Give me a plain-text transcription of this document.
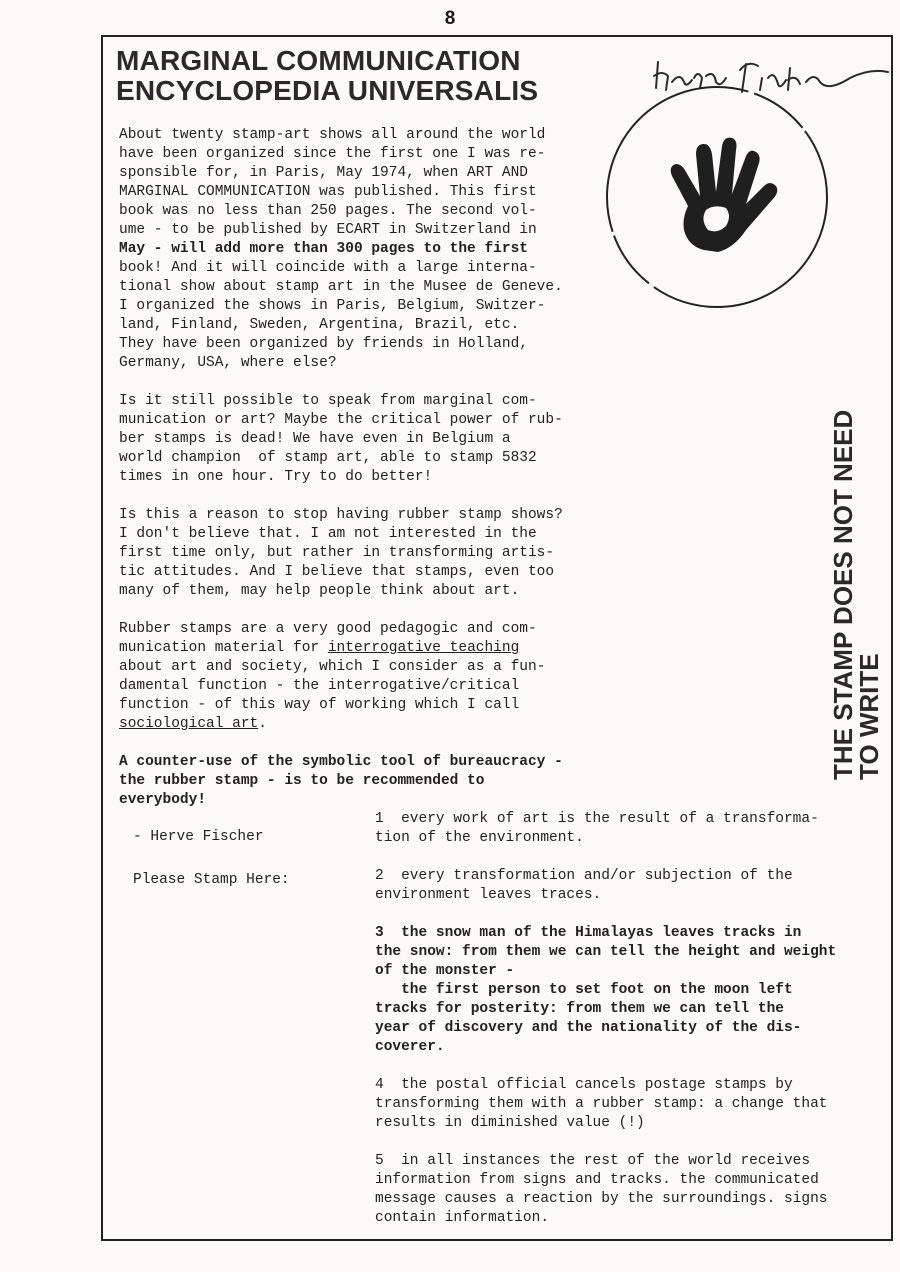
8
MARGINAL COMMUNICATION
ENCYCLOPEDIA UNIVERSALIS

About twenty stamp-art shows all around the world
have been organized since the first one I was re-
sponsible for, in Paris, May 1974, when ART AND
MARGINAL COMMUNICATION was published. This first
book was no less than 250 pages. The second vol-
ume - to be published by ECART in Switzerland in
May - will add more than 300 pages to the first
book! And it will coincide with a large interna-
tional show about stamp art in the Musee de Geneve.
I organized the shows in Paris, Belgium, Switzer-
land, Finland, Sweden, Argentina, Brazil, etc.
They have been organized by friends in Holland,
Germany, USA, where else?

Is it still possible to speak from marginal com-
munication or art? Maybe the critical power of rub-
ber stamps is dead! We have even in Belgium a
world champion  of stamp art, able to stamp 5832
times in one hour. Try to do better!

Is this a reason to stop having rubber stamp shows?
I don't believe that. I am not interested in the
first time only, but rather in transforming artis-
tic attitudes. And I believe that stamps, even too
many of them, may help people think about art.

Rubber stamps are a very good pedagogic and com-
munication material for interrogative teaching
about art and society, which I consider as a fun-
damental function - the interrogative/critical
function - of this way of working which I call
sociological art.

A counter-use of the symbolic tool of bureaucracy -
the rubber stamp - is to be recommended to
everybody!

THE STAMP DOES NOT NEED
TO WRITE
- Herve Fischer
Please Stamp Here:

1  every work of art is the result of a transforma-
tion of the environment.

2  every transformation and/or subjection of the
environment leaves traces.

3  the snow man of the Himalayas leaves tracks in
the snow: from them we can tell the height and weight
of the monster -
the first person to set foot on the moon left
tracks for posterity: from them we can tell the
year of discovery and the nationality of the dis-
coverer.

4  the postal official cancels postage stamps by
transforming them with a rubber stamp: a change that
results in diminished value (!)

5  in all instances the rest of the world receives
information from signs and tracks. the communicated
message causes a reaction by the surroundings. signs
contain information.
